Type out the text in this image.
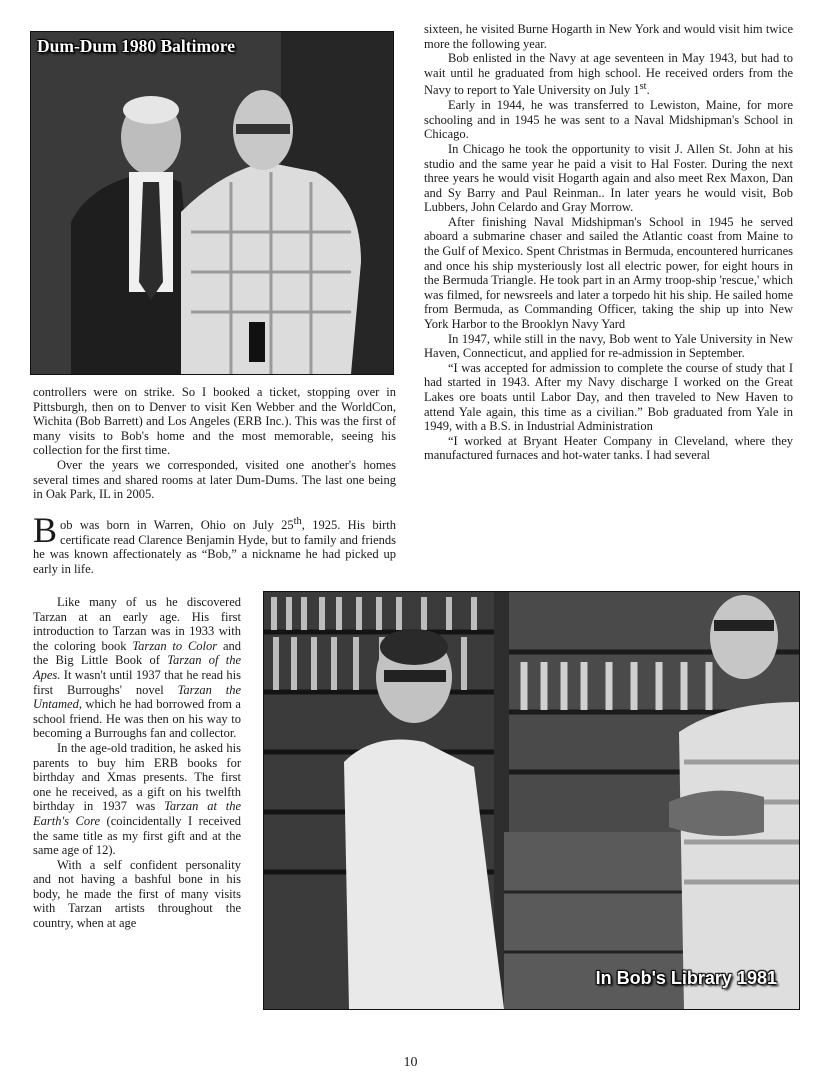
Dum-Dum 1980 Baltimore

controllers were on strike. So I booked a ticket, stopping over in Pittsburgh, then on to Denver to visit Ken Webber and the WorldCon, Wichita (Bob Barrett) and Los Angeles (ERB Inc.). This was the first of many visits to Bob's home and the most memorable, seeing his collection for the first time.

Over the years we corresponded, visited one another's homes several times and shared rooms at later Dum-Dums. The last one being in Oak Park, IL in 2005.

Bob was born in Warren, Ohio on July 25th, 1925. His birth certificate read Clarence Benjamin Hyde, but to family and friends he was known affectionately as “Bob,” a nickname he had picked up early in life.

Like many of us he discovered Tarzan at an early age. His first introduction to Tarzan was in 1933 with the coloring book Tarzan to Color and the Big Little Book of Tarzan of the Apes. It wasn't until 1937 that he read his first Burroughs' novel Tarzan the Untamed, which he had borrowed from a school friend. He was then on his way to becoming a Burroughs fan and collector.

In the age-old tradition, he asked his parents to buy him ERB books for birthday and Xmas presents. The first one he received, as a gift on his twelfth birthday in 1937 was Tarzan at the Earth's Core (coincidentally I received the same title as my first gift and at the same age of 12).

With a self confident personality and not having a bashful bone in his body, he made the first of many visits with Tarzan artists throughout the country, when at age

sixteen, he visited Burne Hogarth in New York and would visit him twice more the following year.

Bob enlisted in the Navy at age seventeen in May 1943, but had to wait until he graduated from high school. He received orders from the Navy to report to Yale University on July 1st.

Early in 1944, he was transferred to Lewiston, Maine, for more schooling and in 1945 he was sent to a Naval Midshipman's School in Chicago.

In Chicago he took the opportunity to visit J. Allen St. John at his studio and the same year he paid a visit to Hal Foster. During the next three years he would visit Hogarth again and also meet Rex Maxon, Dan and Sy Barry and Paul Reinman.. In later years he would visit, Bob Lubbers, John Celardo and Gray Morrow.

After finishing Naval Midshipman's School in 1945 he served aboard a submarine chaser and sailed the Atlantic coast from Maine to the Gulf of Mexico. Spent Christmas in Bermuda, encountered hurricanes and once his ship mysteriously lost all electric power, for eight hours in the Bermuda Triangle. He took part in an Army troop-ship 'rescue,' which was filmed, for newsreels and later a torpedo hit his ship. He sailed home from Bermuda, as Commanding Officer, taking the ship up into New York Harbor to the Brooklyn Navy Yard

In 1947, while still in the navy, Bob went to Yale University in New Haven, Connecticut, and applied for re-admission in September.

“I was accepted for admission to complete the course of study that I had started in 1943. After my Navy discharge I worked on the Great Lakes ore boats until Labor Day, and then traveled to New Haven to attend Yale again, this time as a civilian.” Bob graduated from Yale in 1949, with a B.S. in Industrial Administration

“I worked at Bryant Heater Company in Cleveland, where they manufactured furnaces and hot-water tanks. I had several

In Bob's Library 1981
10
